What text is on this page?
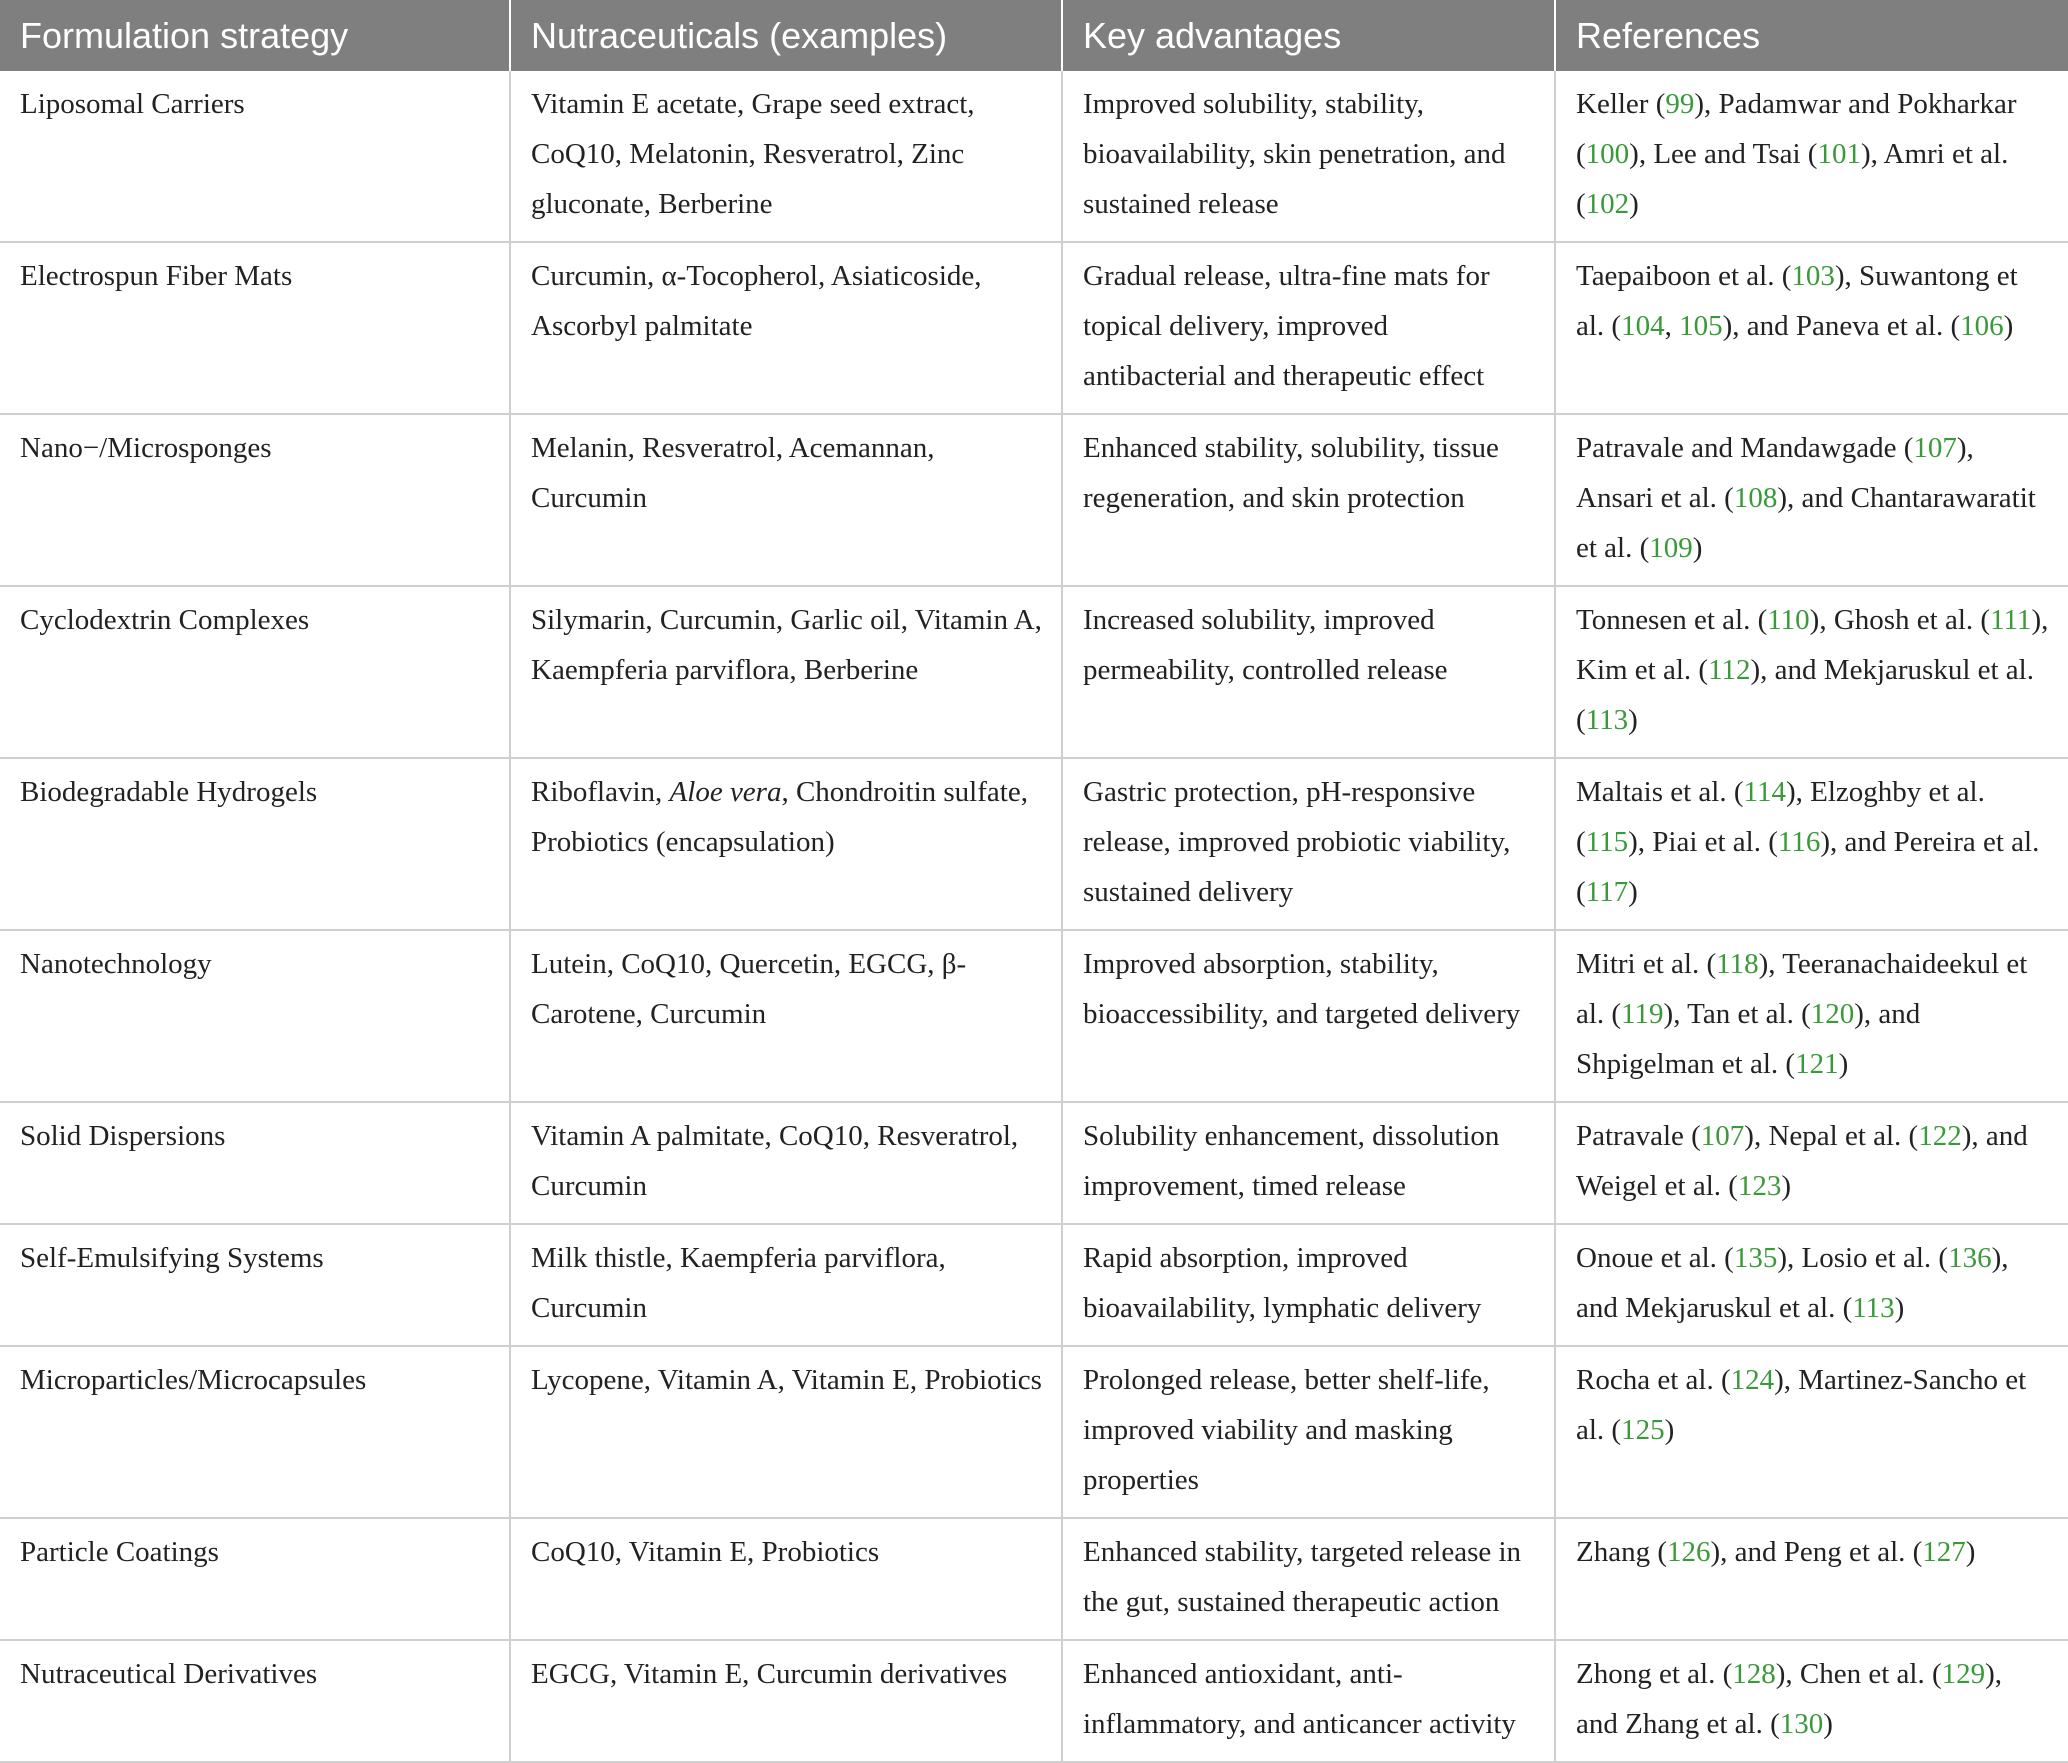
Formulation strategy	Nutraceuticals (examples)	Key advantages	References
Liposomal Carriers	Vitamin E acetate, Grape seed extract, CoQ10, Melatonin, Resveratrol, Zinc gluconate, Berberine	Improved solubility, stability, bioavailability, skin penetration, and sustained release	Keller (99), Padamwar and Pokharkar (100), Lee and Tsai (101), Amri et al. (102)
Electrospun Fiber Mats	Curcumin, α-Tocopherol, Asiaticoside, Ascorbyl palmitate	Gradual release, ultra-fine mats for topical delivery, improved antibacterial and therapeutic effect	Taepaiboon et al. (103), Suwantong et al. (104, 105), and Paneva et al. (106)
Nano−/Microsponges	Melanin, Resveratrol, Acemannan, Curcumin	Enhanced stability, solubility, tissue regeneration, and skin protection	Patravale and Mandawgade (107), Ansari et al. (108), and Chantarawaratit et al. (109)
Cyclodextrin Complexes	Silymarin, Curcumin, Garlic oil, Vitamin A, Kaempferia parviflora, Berberine	Increased solubility, improved permeability, controlled release	Tonnesen et al. (110), Ghosh et al. (111), Kim et al. (112), and Mekjaruskul et al. (113)
Biodegradable Hydrogels	Riboflavin, Aloe vera, Chondroitin sulfate, Probiotics (encapsulation)	Gastric protection, pH-responsive release, improved probiotic viability, sustained delivery	Maltais et al. (114), Elzoghby et al. (115), Piai et al. (116), and Pereira et al. (117)
Nanotechnology	Lutein, CoQ10, Quercetin, EGCG, β-Carotene, Curcumin	Improved absorption, stability, bioaccessibility, and targeted delivery	Mitri et al. (118), Teeranachaideekul et al. (119), Tan et al. (120), and Shpigelman et al. (121)
Solid Dispersions	Vitamin A palmitate, CoQ10, Resveratrol, Curcumin	Solubility enhancement, dissolution improvement, timed release	Patravale (107), Nepal et al. (122), and Weigel et al. (123)
Self-Emulsifying Systems	Milk thistle, Kaempferia parviflora, Curcumin	Rapid absorption, improved bioavailability, lymphatic delivery	Onoue et al. (135), Losio et al. (136), and Mekjaruskul et al. (113)
Microparticles/Microcapsules	Lycopene, Vitamin A, Vitamin E, Probiotics	Prolonged release, better shelf-life, improved viability and masking properties	Rocha et al. (124), Martinez-Sancho et al. (125)
Particle Coatings	CoQ10, Vitamin E, Probiotics	Enhanced stability, targeted release in the gut, sustained therapeutic action	Zhang (126), and Peng et al. (127)
Nutraceutical Derivatives	EGCG, Vitamin E, Curcumin derivatives	Enhanced antioxidant, anti-inflammatory, and anticancer activity	Zhong et al. (128), Chen et al. (129), and Zhang et al. (130)
